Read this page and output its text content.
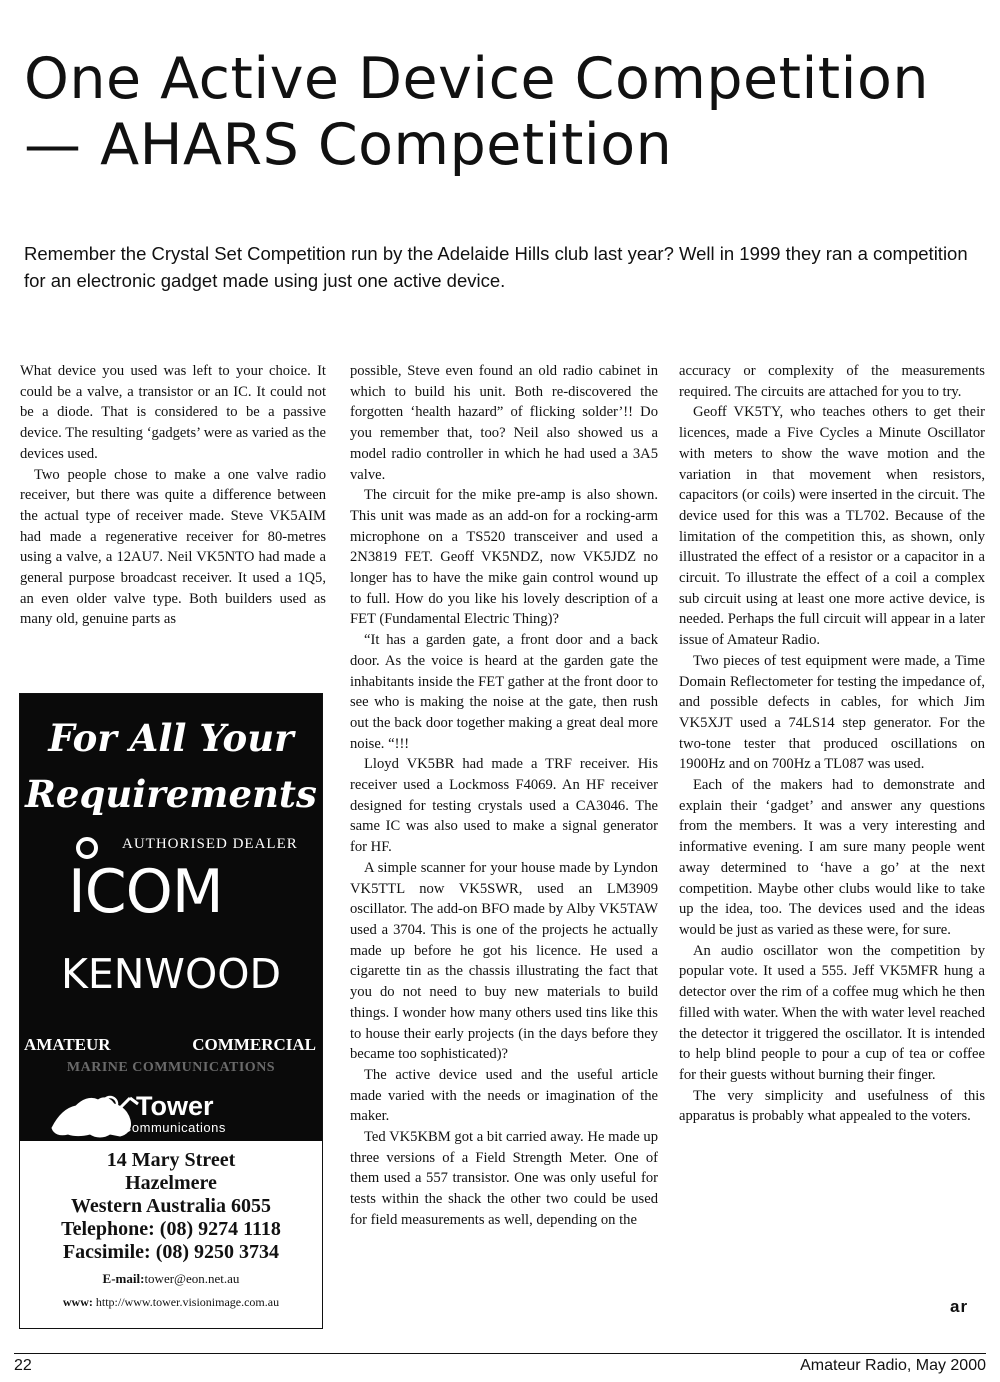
One Active Device Competition
— AHARS Competition

Remember the Crystal Set Competition run by the Adelaide Hills club last year? Well in 1999 they ran a competition for an electronic gadget made using just one active device.

What device you used was left to your choice. It could be a valve, a transistor or an IC. It could not be a diode. That is considered to be a passive device. The resulting ‘gadgets’ were as varied as the devices used.

Two people chose to make a one valve radio receiver, but there was quite a difference between the actual type of receiver made. Steve VK5AIM had made a regenerative receiver for 80-metres using a valve, a 12AU7. Neil VK5NTO had made a general purpose broadcast receiver. It used a 1Q5, an even older valve type. Both builders used as many old, genuine parts as

possible, Steve even found an old radio cabinet in which to build his unit. Both re-discovered the forgotten ‘health hazard” of flicking solder’!! Do you remember that, too? Neil also showed us a model radio controller in which he had used a 3A5 valve.

The circuit for the mike pre-amp is also shown. This unit was made as an add-on for a rocking-arm microphone on a TS520 transceiver and used a 2N3819 FET. Geoff VK5NDZ, now VK5JDZ no longer has to have the mike gain control wound up to full. How do you like his lovely description of a FET (Fundamental Electric Thing)?

“It has a garden gate, a front door and a back door. As the voice is heard at the garden gate the inhabitants inside the FET gather at the front door to see who is making the noise at the gate, then rush out the back door together making a great deal more noise. “!!!

Lloyd VK5BR had made a TRF receiver. His receiver used a Lockmoss F4069. An HF receiver designed for testing crystals used a CA3046. The same IC was also used to make a signal generator for HF.

A simple scanner for your house made by Lyndon VK5TTL now VK5SWR, used an LM3909 oscillator. The add-on BFO made by Alby VK5TAW used a 3704. This is one of the projects he actually made up before he got his licence. He used a cigarette tin as the chassis illustrating the fact that you do not need to buy new materials to build things. I wonder how many others used tins like this to house their early projects (in the days before they became too sophisticated)?

The active device used and the useful article made varied with the needs or imagination of the maker.

Ted VK5KBM got a bit carried away. He made up three versions of a Field Strength Meter. One of them used a 557 transistor. One was only useful for tests within the shack the other two could be used for field measurements as well, depending on the

accuracy or complexity of the measurements required. The circuits are attached for you to try.

Geoff VK5TY, who teaches others to get their licences, made a Five Cycles a Minute Oscillator with meters to show the wave motion and the variation in that movement when resistors, capacitors (or coils) were inserted in the circuit. The device used for this was a TL702. Because of the limitation of the competition this, as shown, only illustrated the effect of a resistor or a capacitor in a circuit. To illustrate the effect of a coil a complex sub circuit using at least one more active device, is needed. Perhaps the full circuit will appear in a later issue of Amateur Radio.

Two pieces of test equipment were made, a Time Domain Reflectometer for testing the impedance of, and possible defects in cables, for which Jim VK5XJT used a 74LS14 step generator. For the two-tone tester that produced oscillations on 1900Hz and on 700Hz a TL087 was used.

Each of the makers had to demonstrate and explain their ‘gadget’ and answer any questions from the members. It was a very interesting and informative evening. I am sure many people went away determined to ‘have a go’ at the next competition. Maybe other clubs would like to take up the idea, too. The devices used and the ideas would be just as varied as these were, for sure.

An audio oscillator won the competition by popular vote. It used a 555. Jeff VK5MFR hung a detector over the rim of a coffee mug which he then filled with water. When the with water level reached the detector it triggered the oscillator. It is intended to help blind people to pour a cup of tea or coffee for their guests without burning their finger.

The very simplicity and usefulness of this apparatus is probably what appealed to the voters.

For All Your
Requirements
AUTHORISED DEALER
ICOM
KENWOOD
AMATEUR	COMMERCIAL
MARINE COMMUNICATIONS
Tower
Communications
14 Mary Street
Hazelmere
Western Australia 6055
Telephone: (08) 9274 1118
Facsimile: (08) 9250 3734
E-mail:tower@eon.net.au
www: http://www.tower.visionimage.com.au	ar
22	Amateur Radio, May 2000
